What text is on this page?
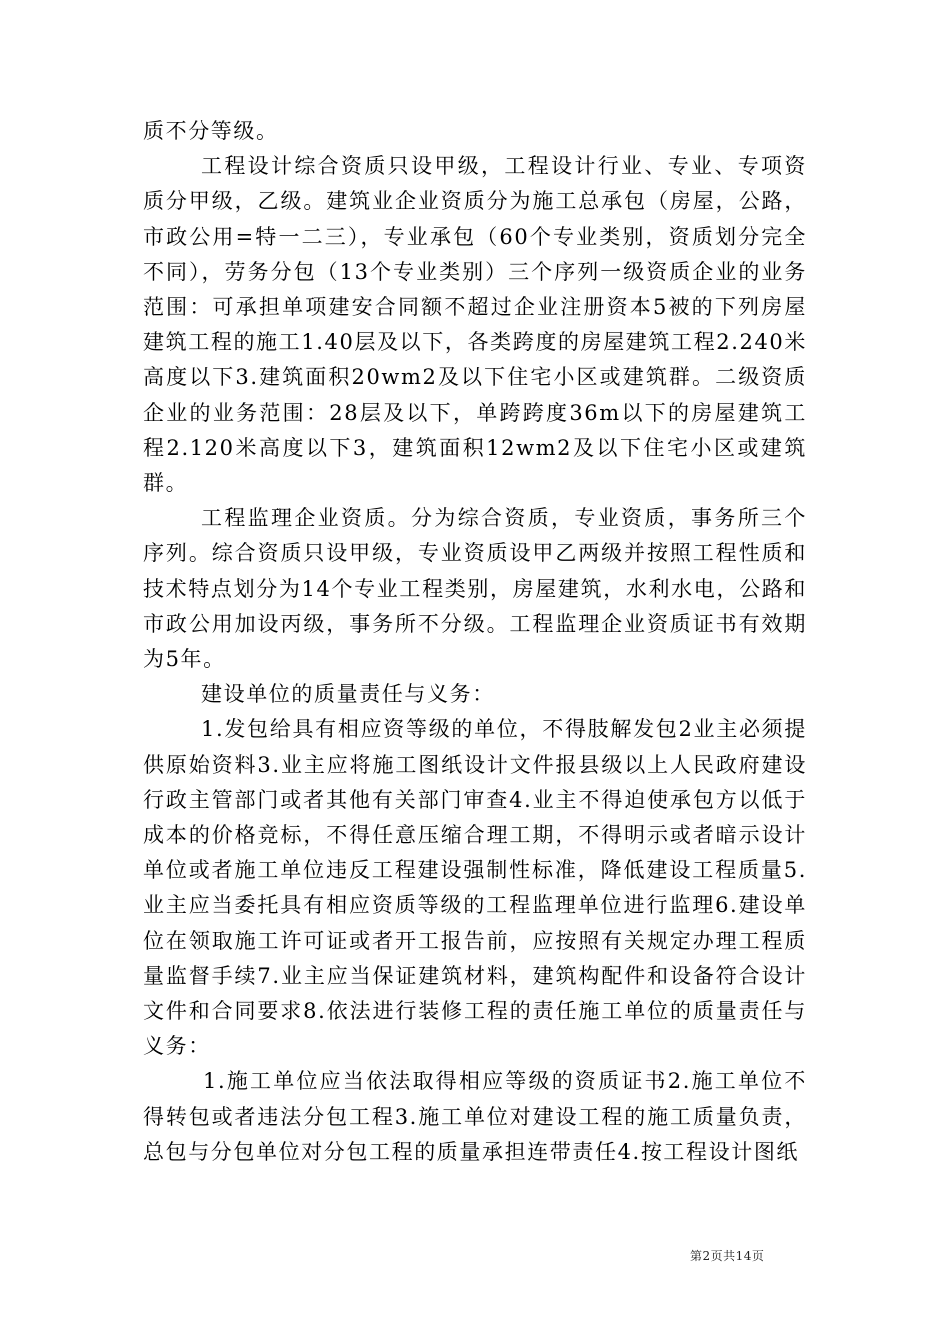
质不分等级。

工程设计综合资质只设甲级，工程设计行业、专业、专项资质分甲级，乙级。建筑业企业资质分为施工总承包（房屋，公路，市政公用=特一二三），专业承包（60个专业类别，资质划分完全不同），劳务分包（13个专业类别）三个序列一级资质企业的业务范围：可承担单项建安合同额不超过企业注册资本5被的下列房屋建筑工程的施工1.40层及以下，各类跨度的房屋建筑工程2.240米高度以下3.建筑面积20wm2及以下住宅小区或建筑群。二级资质企业的业务范围：28层及以下，单跨跨度36m以下的房屋建筑工程2.120米高度以下3，建筑面积12wm2及以下住宅小区或建筑群。

工程监理企业资质。分为综合资质，专业资质，事务所三个序列。综合资质只设甲级，专业资质设甲乙两级并按照工程性质和技术特点划分为14个专业工程类别，房屋建筑，水利水电，公路和市政公用加设丙级，事务所不分级。工程监理企业资质证书有效期为5年。

建设单位的质量责任与义务：

1.发包给具有相应资等级的单位，不得肢解发包2业主必须提供原始资料3.业主应将施工图纸设计文件报县级以上人民政府建设行政主管部门或者其他有关部门审查4.业主不得迫使承包方以低于成本的价格竞标，不得任意压缩合理工期，不得明示或者暗示设计单位或者施工单位违反工程建设强制性标准，降低建设工程质量5.业主应当委托具有相应资质等级的工程监理单位进行监理6.建设单位在领取施工许可证或者开工报告前，应按照有关规定办理工程质量监督手续7.业主应当保证建筑材料，建筑构配件和设备符合设计文件和合同要求8.依法进行装修工程的责任施工单位的质量责任与义务：

1.施工单位应当依法取得相应等级的资质证书2.施工单位不得转包或者违法分包工程3.施工单位对建设工程的施工质量负责，总包与分包单位对分包工程的质量承担连带责任4.按工程设计图纸

第2页共14页
